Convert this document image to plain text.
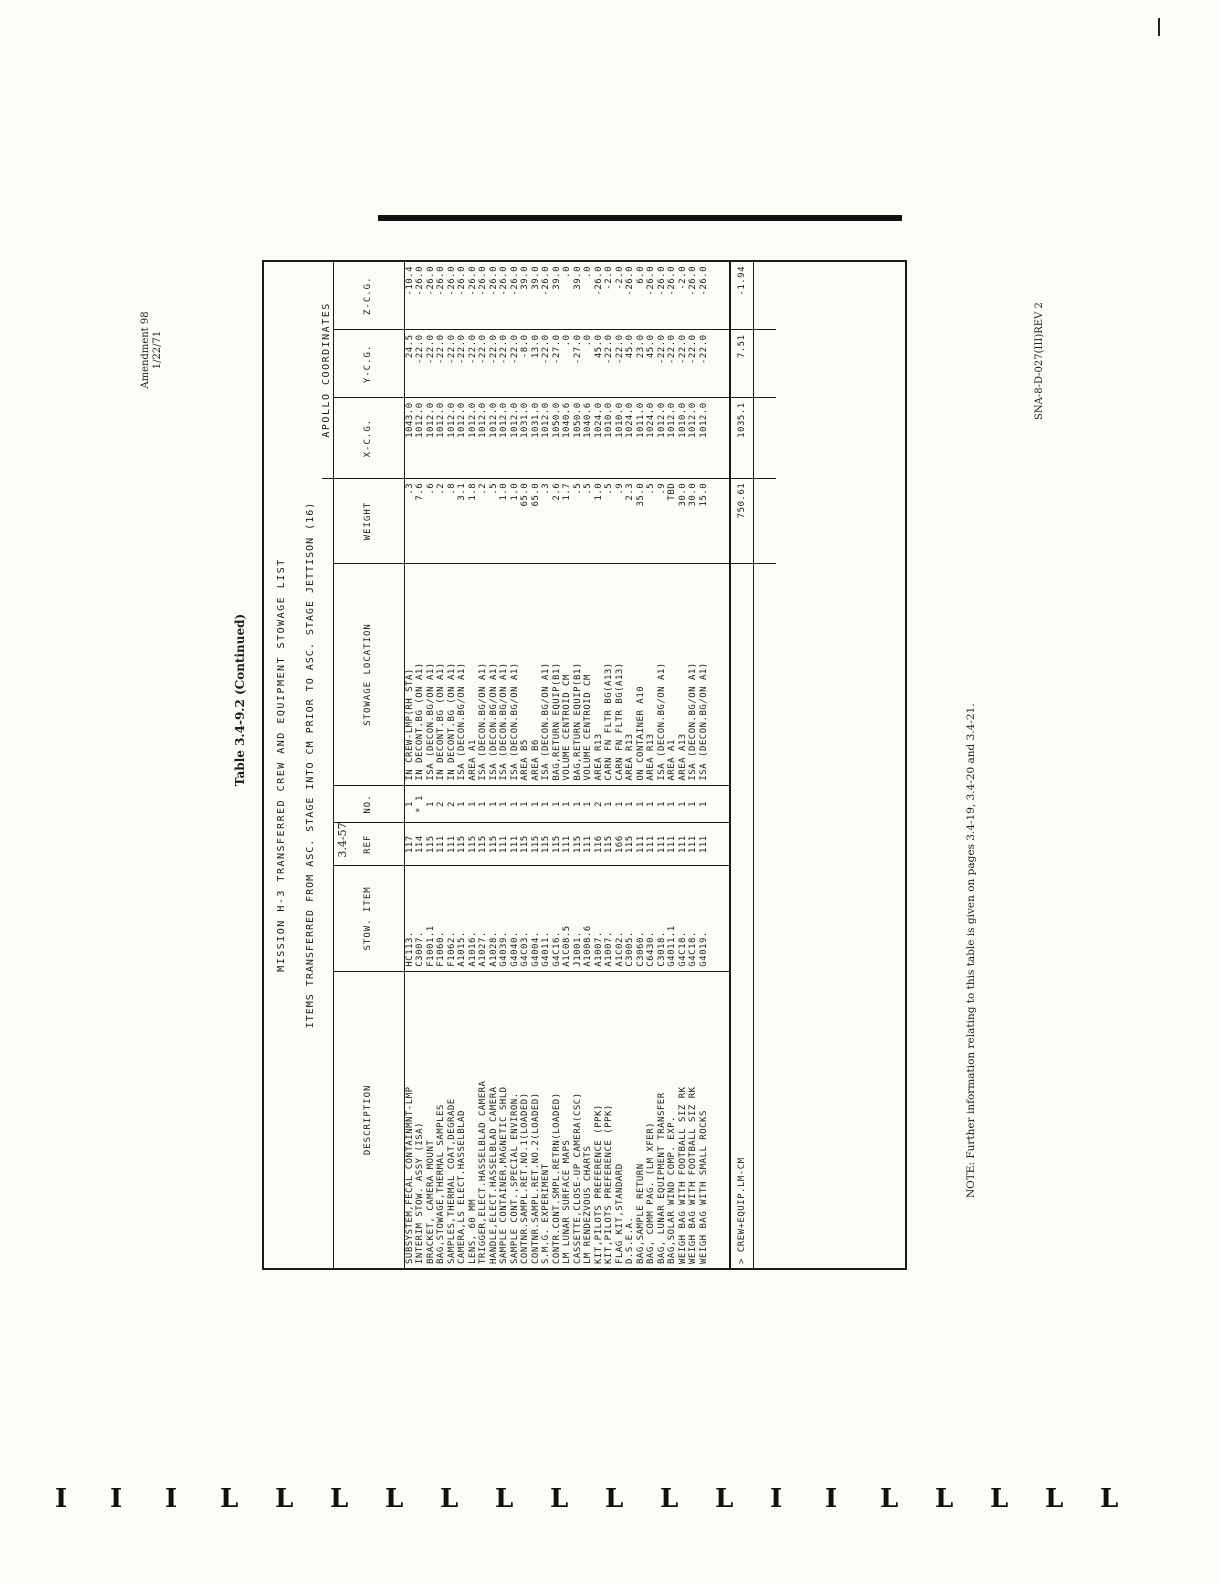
Amendment 98 1/22/71
Table 3.4-9.2 (Continued)	MISSION H-3 TRANSFERRED CREW AND EQUIPMENT STOWAGE LIST								
ITEMS TRANSFERRED FROM ASC. STAGE INTO CM PRIOR TO ASC. STAGE JETTISON (16)								
						APOLLO COORDINATES		
DESCRIPTION	STOW. ITEM	REF	NO.	STOWAGE LOCATION	WEIGHT	X-C.G.	Y-C.G.	Z-C.G.
SUBSYSTEM,FECAL CONTAINMNT-LMP	HC113.	117	1	IN CREW-LMP(RH STA)	.3	1043.0	24.5	-10.4
INTERIM STOW. ASSY (ISA)	C3007.	114	* 1	IN DECONT.BG (ON A1)	7.6	1012.0	-22.0	-26.0
BRACKET, CAMERA MOUNT	F1001.1	115	1	ISA (DECON.BG/ON A1)	.6	1012.0	-22.0	-26.0
BAG,STOWAGE,THERMAL SAMPLES	F1060.	111	2	IN DECONT.BG (ON A1)	.2	1012.0	-22.0	-26.0
SAMPLES,THERMAL COAT,DEGRADE	F1062.	111	2	IN DECONT.BG (ON A1)	.8	1012.0	-22.0	-26.0
CAMERA,LS ELECT.HASSELBLAD	A1015.	115	1	ISA (DECON.BG/ON A1)	3.1	1012.0	-22.0	-26.0
LENS, 60 MM	A1016.	115	1	AREA A1	1.8	1012.0	-22.0	-26.0
TRIGGER,ELECT.HASSELBLAD CAMERA	A1027.	115	1	ISA (DECON.BG/ON A1)	.2	1012.0	-22.0	-26.0
HANDLE,ELECT.HASSELBLAD CAMERA	A1028.	115	1	ISA (DECON.BG/ON A1)	.5	1012.0	-22.0	-26.0
SAMPLE CONTAINER,MAGNETIC SHLD	G4039.	111	1	ISA (DECON.BG/ON A1)	1.0	1012.0	-22.0	-26.0
SAMPLE CONT.,SPECIAL ENVIRON.	G4040.	111	1	ISA (DECON.BG/ON A1)	1.0	1012.0	-22.0	-26.0
CONTNR.SAMPL.RET.NO.1(LOADED)	G4C03.	115	1	AREA B5	65.0	1031.0	-8.0	39.0
CONTNR.SAMPL.RET.NO.2(LOADED)	G4004.	115	1	AREA B6	65.0	1031.0	13.0	39.0
S.M.G. EXPERIMENT	G4011.	115	1	ISA (DECON.BG/ON A1)	.3	1012.0	-22.0	-26.0
CONTR.CONT.SMPL.RETRN(LOADED)	G4C16.	115	1	BAG,RETURN EQUIP(B1)	2.6	1050.0	-27.0	39.0
LM LUNAR SURFACE MAPS	A1C08.5	111	1	VOLUME CENTROID CM	1.7	1040.6	.0	.0
CASSETTE,CLOSE-UP CAMERA(CSC)	J1001.	115	1	BAG,RETURN EQUIP(B1)	.5	1050.0	-27.0	39.0
LM RENDEZVOUS CHARTS	A1008.6	111	1	VOLUME CENTROID CM	.5	1040.6	.0	.0
KIT,PILOTS PREFERENCE (PPK)	A1007.	116	2	AREA R13	1.0	1024.0	45.0	-26.0
KIT,PILOTS PREFERENCE (PPK)	A1007.	115	1	CARN FN FLTR BG(A13)	.5	1010.0	-22.0	-2.0
FLAG KIT,STANDARD	A1C02.	166	1	CARN FN FLTR BG(A13)	.9	1010.0	-22.0	-2.0
D.S.E.A.	C3005.	115	1	AREA R13	2.3	1024.0	45.0	-26.0
BAG,SAMPLE RETURN	C3060.	111	1	ON CONTAINER A10	35.0	1011.0	23.0	6.0
BAG, COMM PAG. (LM XFER)	C6430.	111	1	AREA R13	.5	1024.0	45.0	-26.0
BAG, LUNAR EQUIPMENT TRANSFER	C3018.	111	1	ISA (DECON.BG/ON A1)	.9	1012.0	-22.0	-26.0
BAG,SOLAR WIND COMP. EXP.	G4011.1	111	1	AREA A1	TBD	1012.0	-22.0	-26.0
WEIGH BAG WITH FOOTBALL SIZ RK	G4C18.	111	1	AREA A13	30.0	1010.0	-22.0	-2.0
WEIGH BAG WITH FOOTBALL SIZ RK	G4C18.	111	1	ISA (DECON.BG/ON A1)	30.0	1012.0	-22.0	-26.0
WEIGH BAG WITH SMALL ROCKS	G4019.	111	1	ISA (DECON.BG/ON A1)	15.0	1012.0	-22.0	-26.0

> CREW+EQUIP.LM-CM					750.61	1035.1	7.51	-1.94

3.4-57	NOTE: Further information relating to this table is given on pages 3.4-19, 3.4-20 and 3.4-21.
SNA-8-D-027(III)REV 2
I I I L L L L L L L L L L I I L L L L L
